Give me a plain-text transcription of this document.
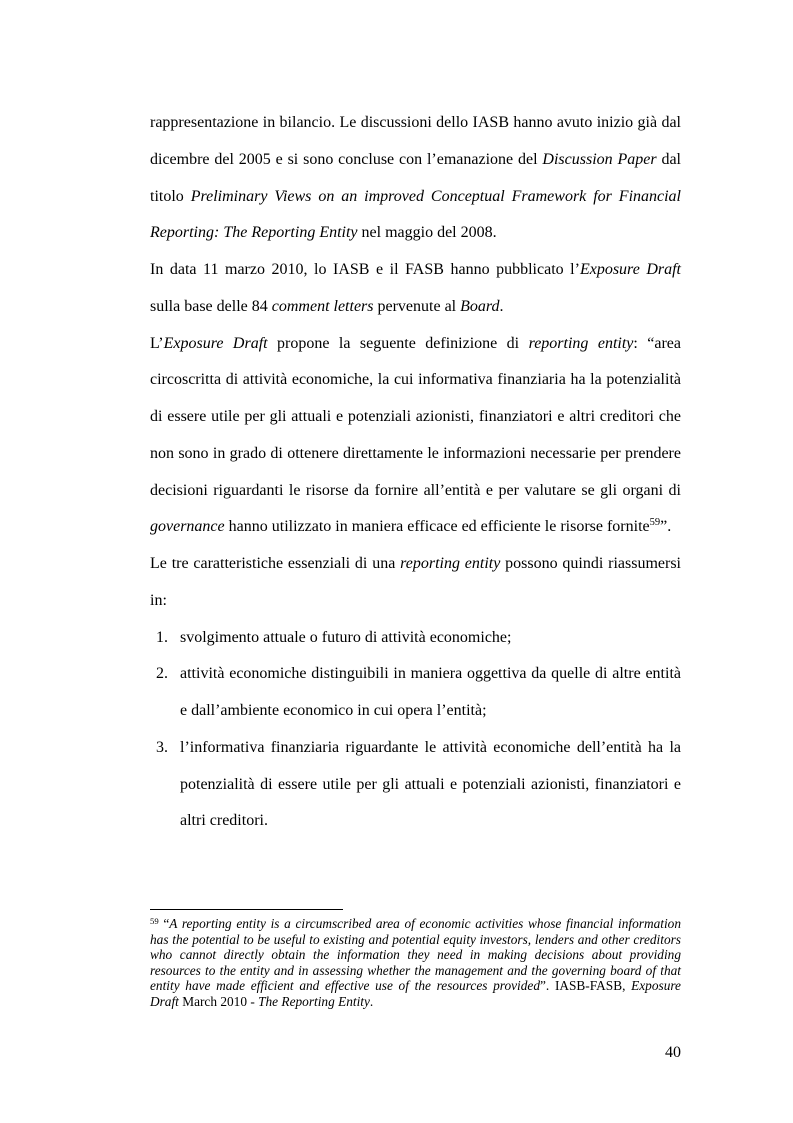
rappresentazione in bilancio. Le discussioni dello IASB hanno avuto inizio già dal
dicembre del 2005 e si sono concluse con l’emanazione del Discussion Paper dal
titolo Preliminary Views on an improved Conceptual Framework for Financial
Reporting: The Reporting Entity nel maggio del 2008.
In data 11 marzo 2010, lo IASB e il FASB hanno pubblicato l’Exposure Draft
sulla base delle 84 comment letters pervenute al Board.
L’Exposure Draft propone la seguente definizione di reporting entity: “area
circoscritta di attività economiche, la cui informativa finanziaria ha la potenzialità
di essere utile per gli attuali e potenziali azionisti, finanziatori e altri creditori che
non sono in grado di ottenere direttamente le informazioni necessarie per prendere
decisioni riguardanti le risorse da fornire all’entità e per valutare se gli organi di
governance hanno utilizzato in maniera efficace ed efficiente le risorse fornite$^{59}$”.
Le tre caratteristiche essenziali di una reporting entity possono quindi riassumersi
in:
1. svolgimento attuale o futuro di attività economiche;
2. attività economiche distinguibili in maniera oggettiva da quelle di altre entità
e dall’ambiente economico in cui opera l’entità;
3. l’informativa finanziaria riguardante le attività economiche dell’entità ha la
potenzialità di essere utile per gli attuali e potenziali azionisti, finanziatori e
altri creditori.
$^{59}$ “A reporting entity is a circumscribed area of economic activities whose financial information
has the potential to be useful to existing and potential equity investors, lenders and other creditors
who cannot directly obtain the information they need in making decisions about providing
resources to the entity and in assessing whether the management and the governing board of that
entity have made efficient and effective use of the resources provided”. IASB-FASB, Exposure
Draft March 2010 - The Reporting Entity.
40
